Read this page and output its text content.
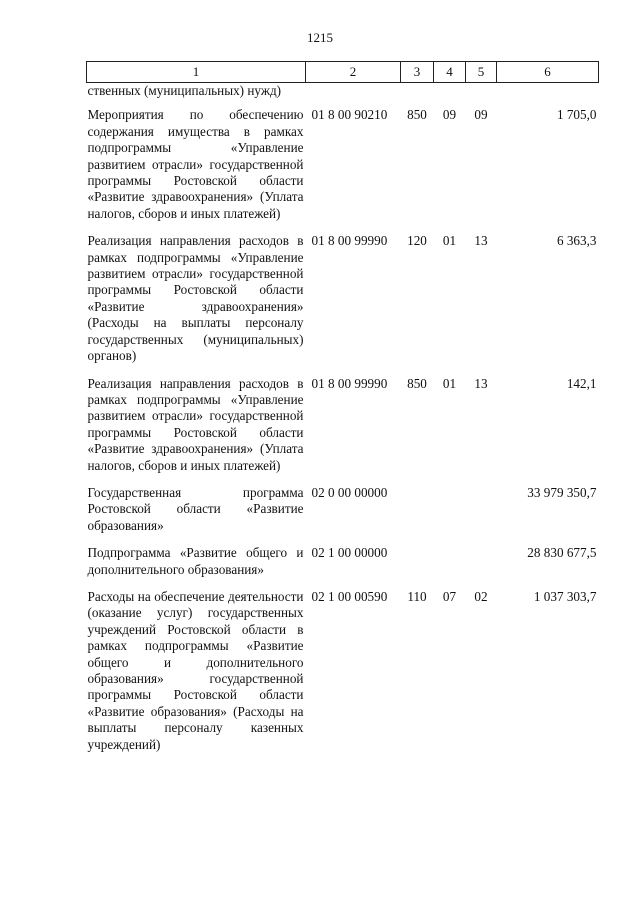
1215
1	2	3	4	5	6
ственных (муниципальных) нужд)					
Мероприятия по обеспечению содержания имущества в рамках подпрограммы «Управление развитием отрасли» государственной программы Ростовской области «Развитие здравоохранения» (Уплата налогов, сборов и иных платежей)	01 8 00 90210	850	09	09	1 705,0
Реализация направления расходов в рамках подпрограммы «Управление развитием отрасли» государственной программы Ростовской области «Развитие здравоохранения» (Расходы на выплаты персоналу государственных (муниципальных) органов)	01 8 00 99990	120	01	13	6 363,3
Реализация направления расходов в рамках подпрограммы «Управление развитием отрасли» государственной программы Ростовской области «Развитие здравоохранения» (Уплата налогов, сборов и иных платежей)	01 8 00 99990	850	01	13	142,1
Государственная программа Ростовской области «Развитие образования»	02 0 00 00000				33 979 350,7
Подпрограмма «Развитие общего и дополнительного образования»	02 1 00 00000				28 830 677,5
Расходы на обеспечение деятельности (оказание услуг) государственных учреждений Ростовской области в рамках подпрограммы «Развитие общего и дополнительного образования» государственной программы Ростовской области «Развитие образования» (Расходы на выплаты персоналу казенных учреждений)	02 1 00 00590	110	07	02	1 037 303,7
